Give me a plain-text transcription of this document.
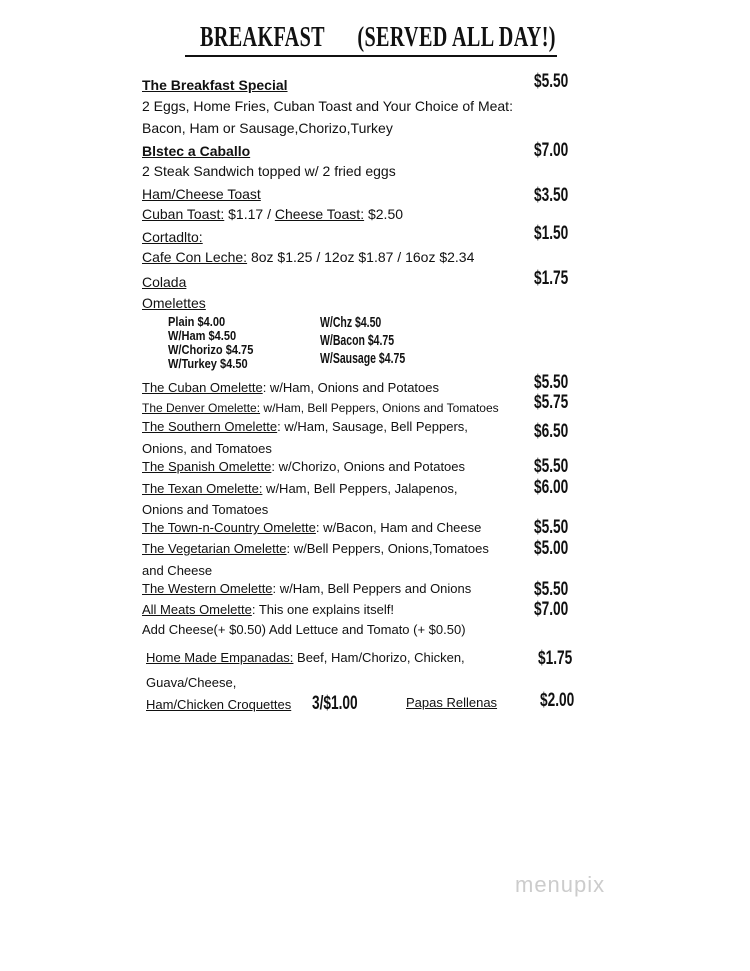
BREAKFAST (SERVED ALL DAY!)
The Breakfast Special	$5.50
2 Eggs, Home Fries, Cuban Toast and Your Choice of Meat:
Bacon, Ham or Sausage,Chorizo,Turkey
Blstec a Caballo	$7.00
2 Steak Sandwich topped w/ 2 fried eggs
Ham/Cheese Toast	$3.50
Cuban Toast: $1.17 / Cheese Toast: $2.50
Cortadlto:	$1.50
Cafe Con Leche: 8oz $1.25 / 12oz $1.87 / 16oz $2.34
Colada	$1.75
Omelettes
Plain $4.00
W/Ham $4.50
W/Chorizo $4.75
W/Turkey $4.50
W/Chz $4.50
W/Bacon $4.75
W/Sausage $4.75
The Cuban Omelette: w/Ham, Onions and Potatoes	$5.50
The Denver Omelette: w/Ham, Bell Peppers, Onions and Tomatoes $5.75
The Southern Omelette: w/Ham, Sausage, Bell Peppers,
Onions, and Tomatoes
$6.50
The Spanish Omelette: w/Chorizo, Onions and Potatoes	$5.50
The Texan Omelette: w/Ham, Bell Peppers, Jalapenos,
Onions and Tomatoes
$6.00
The Town-n-Country Omelette: w/Bacon, Ham and Cheese	$5.50
The Vegetarian Omelette: w/Bell Peppers, Onions,Tomatoes
and Cheese
$5.00
The Western Omelette: w/Ham, Bell Peppers and Onions	$5.50
All Meats Omelette: This one explains itself!	$7.00
Add Cheese(+ $0.50) Add Lettuce and Tomato (+ $0.50)
Home Made Empanadas: Beef, Ham/Chorizo, Chicken,
Guava/Cheese,
$1.75
Ham/Chicken Croquettes 3/$1.00	Papas Rellenas $2.00
menupix
